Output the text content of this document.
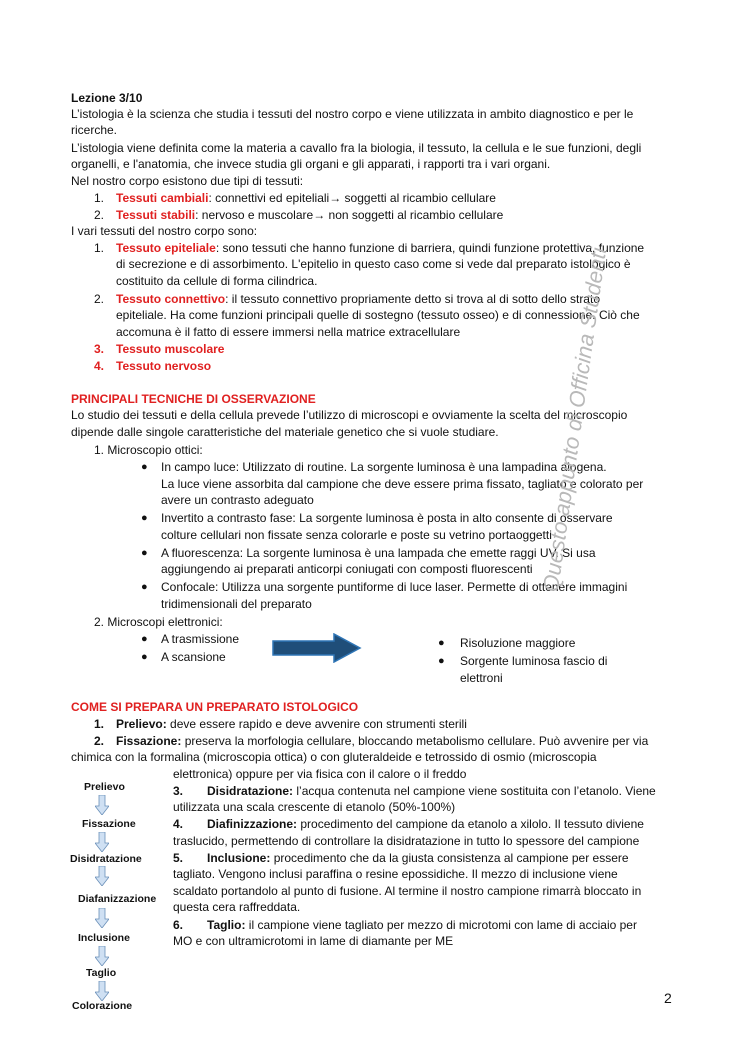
Lezione 3/10
L’istologia è la scienza che studia i tessuti del nostro corpo e viene utilizzata in ambito diagnostico e per le
ricerche.
L’istologia viene definita come la materia a cavallo fra la biologia, il tessuto, la cellula e le sue funzioni, degli
organelli, e l'anatomia, che invece studia gli organi e gli apparati, i rapporti tra i vari organi.
Nel nostro corpo esistono due tipi di tessuti:
1. Tessuti cambiali: connettivi ed epiteliali→ soggetti al ricambio cellulare
2. Tessuti stabili: nervoso e muscolare→ non soggetti al ricambio cellulare
I vari tessuti del nostro corpo sono:
1. Tessuto epiteliale: sono tessuti che hanno funzione di barriera, quindi funzione protettiva, funzione
di secrezione e di assorbimento. L'epitelio in questo caso come si vede dal preparato istologico è
costituito da cellule di forma cilindrica.
2. Tessuto connettivo: il tessuto connettivo propriamente detto si trova al di sotto dello strato
epiteliale. Ha come funzioni principali quelle di sostegno (tessuto osseo) e di connessione. Ciò che
accomuna è il fatto di essere immersi nella matrice extracellulare
3. Tessuto muscolare
4. Tessuto nervoso
PRINCIPALI TECNICHE DI OSSERVAZIONE
Lo studio dei tessuti e della cellula prevede l’utilizzo di microscopi e ovviamente la scelta del microscopio
dipende dalle singole caratteristiche del materiale genetico che si vuole studiare.
1. Microscopio ottici:
● In campo luce: Utilizzato di routine. La sorgente luminosa è una lampadina alogena.
La luce viene assorbita dal campione che deve essere prima fissato, tagliato e colorato per
avere un contrasto adeguato
● Invertito a contrasto fase: La sorgente luminosa è posta in alto consente di osservare
colture cellulari non fissate senza colorarle e poste su vetrino portaoggetti
● A fluorescenza: La sorgente luminosa è una lampada che emette raggi UV. Si usa
aggiungendo ai preparati anticorpi coniugati con composti fluorescenti
● Confocale: Utilizza una sorgente puntiforme di luce laser. Permette di ottenere immagini
tridimensionali del preparato
2. Microscopi elettronici:
● A trasmissione
● A scansione
● Risoluzione maggiore
● Sorgente luminosa fascio di
elettroni
COME SI PREPARA UN PREPARATO ISTOLOGICO
1. Prelievo: deve essere rapido e deve avvenire con strumenti sterili
2. Fissazione: preserva la morfologia cellulare, bloccando metabolismo cellulare. Può avvenire per via
chimica con la formalina (microscopia ottica) o con gluteraldeide e tetrossido di osmio (microscopia
elettronica) oppure per via fisica con il calore o il freddo
3. Disidratazione: l’acqua contenuta nel campione viene sostituita con l’etanolo. Viene
utilizzata una scala crescente di etanolo (50%-100%)
4. Diafinizzazione: procedimento del campione da etanolo a xilolo. Il tessuto diviene
traslucido, permettendo di controllare la disidratazione in tutto lo spessore del campione
5. Inclusione: procedimento che da la giusta consistenza al campione per essere
tagliato. Vengono inclusi paraffina o resine epossidiche. Il mezzo di inclusione viene
scaldato portandolo al punto di fusione. Al termine il nostro campione rimarrà bloccato in
questa cera raffreddata.
6. Taglio: il campione viene tagliato per mezzo di microtomi con lame di acciaio per
MO e con ultramicrotomi in lame di diamante per ME
Prelievo
Fissazione
Disidratazione
Diafanizzazione
Inclusione
Taglio
Colorazione
Questo appunto di Officina Studenti
2
